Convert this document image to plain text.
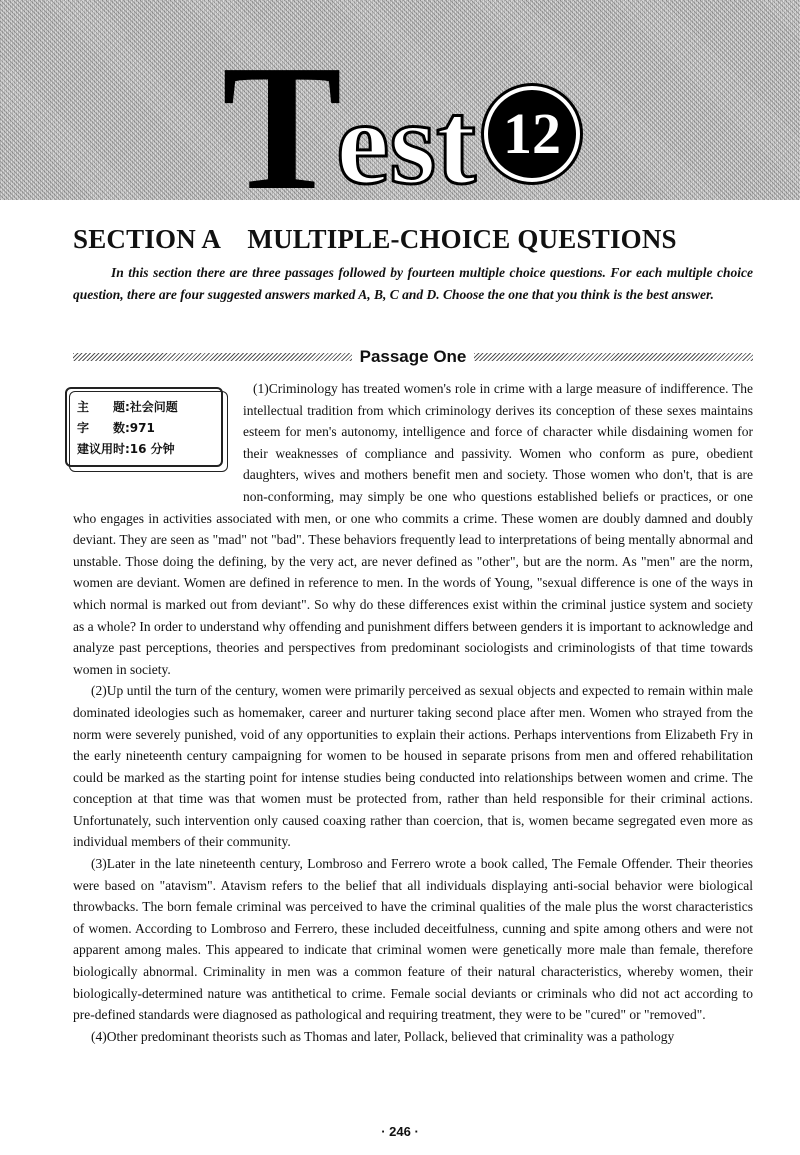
T
est 12
SECTION A    MULTIPLE-CHOICE QUESTIONS

In this section there are three passages followed by fourteen multiple choice questions. For each multiple choice question, there are four suggested answers marked A, B, C and D. Choose the one that you think is the best answer.

Passage One

(1)Criminology has treated women's role in crime with a large measure of indifference. The intellectual tradition from which criminology derives its conception of these sexes maintains esteem for men's autonomy, intelligence and force of character while disdaining women for their weaknesses of compliance and passivity. Women who conform as pure, obedient daughters, wives and mothers benefit men and society. Those women who don't, that is are non-conforming, may simply be one who questions established beliefs or practices, or one who engages in activities associated with men, or one who commits a crime. These women are doubly damned and doubly deviant. They are seen as "mad" not "bad". These behaviors frequently lead to interpretations of being mentally abnormal and unstable. Those doing the defining, by the very act, are never defined as "other", but are the norm. As "men" are the norm, women are deviant. Women are defined in reference to men. In the words of Young, "sexual difference is one of the ways in which normal is marked out from deviant". So why do these differences exist within the criminal justice system and society as a whole? In order to understand why offending and punishment differs between genders it is important to acknowledge and analyze past perceptions, theories and perspectives from predominant sociologists and criminologists of that time towards women in society.

(2)Up until the turn of the century, women were primarily perceived as sexual objects and expected to remain within male dominated ideologies such as homemaker, career and nurturer taking second place after men. Women who strayed from the norm were severely punished, void of any opportunities to explain their actions. Perhaps interventions from Elizabeth Fry in the early nineteenth century campaigning for women to be housed in separate prisons from men and offered rehabilitation could be marked as the starting point for intense studies being conducted into relationships between women and crime. The conception at that time was that women must be protected from, rather than held responsible for their criminal actions. Unfortunately, such intervention only caused coaxing rather than coercion, that is, women became segregated even more as individual members of their community.

(3)Later in the late nineteenth century, Lombroso and Ferrero wrote a book called, The Female Offender. Their theories were based on "atavism". Atavism refers to the belief that all individuals displaying anti-social behavior were biological throwbacks. The born female criminal was perceived to have the criminal qualities of the male plus the worst characteristics of women. According to Lombroso and Ferrero, these included deceitfulness, cunning and spite among others and were not apparent among males. This appeared to indicate that criminal women were genetically more male than female, therefore biologically abnormal. Criminality in men was a common feature of their natural characteristics, whereby women, their biologically-determined nature was antithetical to crime. Female social deviants or criminals who did not act according to pre-defined standards were diagnosed as pathological and requiring treatment, they were to be "cured" or "removed".

(4)Other predominant theorists such as Thomas and later, Pollack, believed that criminality was a pathology

主　　题:社会问题
字　　数:971
建议用时:16 分钟
· 246 ·
